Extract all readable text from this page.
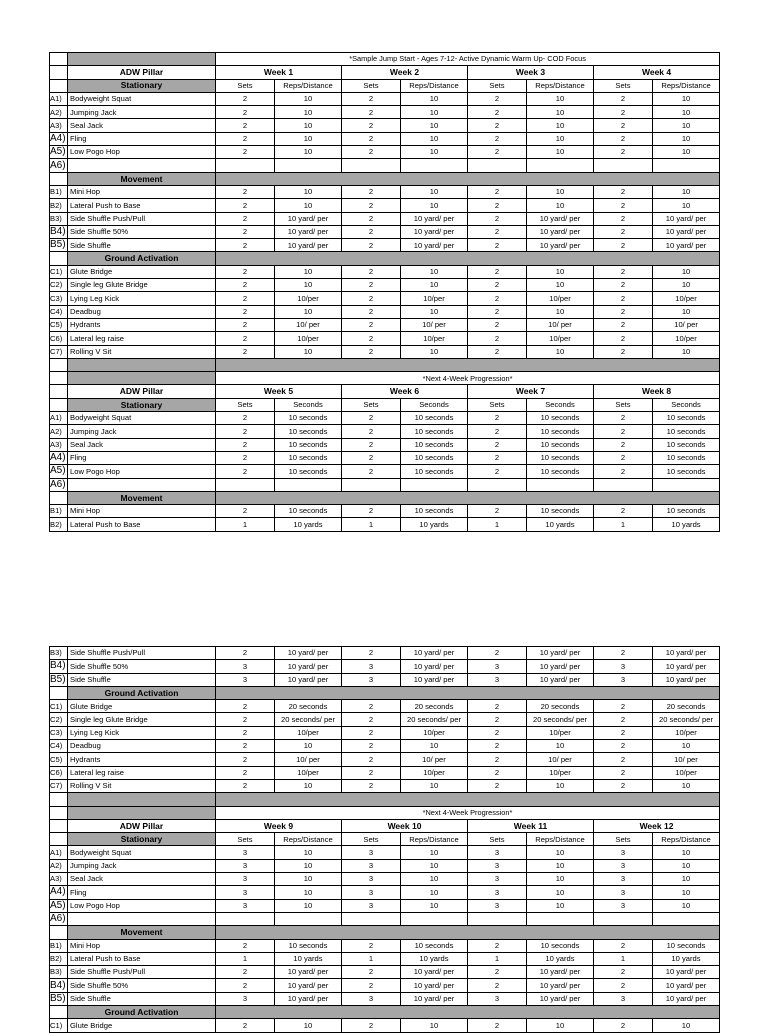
		*Sample Jump Start - Ages 7-12- Active Dynamic Warm Up- COD Focus							
	ADW Pillar	Week 1		Week 2		Week 3		Week 4	
	Stationary	Sets	Reps/Distance	Sets	Reps/Distance	Sets	Reps/Distance	Sets	Reps/Distance
A1)	Bodyweight Squat	2	10	2	10	2	10	2	10
A2)	Jumping Jack	2	10	2	10	2	10	2	10
A3)	Seal Jack	2	10	2	10	2	10	2	10
A4)	Fling	2	10	2	10	2	10	2	10
A5)	Low Pogo Hop	2	10	2	10	2	10	2	10
A6)									
	Movement								
B1)	Mini Hop	2	10	2	10	2	10	2	10
B2)	Lateral Push to Base	2	10	2	10	2	10	2	10
B3)	Side Shuffle Push/Pull	2	10 yard/ per	2	10 yard/ per	2	10 yard/ per	2	10 yard/ per
B4)	Side Shuffle 50%	2	10 yard/ per	2	10 yard/ per	2	10 yard/ per	2	10 yard/ per
B5)	Side Shuffle	2	10 yard/ per	2	10 yard/ per	2	10 yard/ per	2	10 yard/ per
	Ground Activation								
C1)	Glute Bridge	2	10	2	10	2	10	2	10
C2)	Single leg Glute Bridge	2	10	2	10	2	10	2	10
C3)	Lying Leg Kick	2	10/per	2	10/per	2	10/per	2	10/per
C4)	Deadbug	2	10	2	10	2	10	2	10
C5)	Hydrants	2	10/ per	2	10/ per	2	10/ per	2	10/ per
C6)	Lateral leg raise	2	10/per	2	10/per	2	10/per	2	10/per
C7)	Rolling V Sit	2	10	2	10	2	10	2	10

		*Next 4-Week Progression*							
	ADW Pillar	Week 5		Week 6		Week 7		Week 8	
	Stationary	Sets	Seconds	Sets	Seconds	Sets	Seconds	Sets	Seconds
A1)	Bodyweight Squat	2	10 seconds	2	10 seconds	2	10 seconds	2	10 seconds
A2)	Jumping Jack	2	10 seconds	2	10 seconds	2	10 seconds	2	10 seconds
A3)	Seal Jack	2	10 seconds	2	10 seconds	2	10 seconds	2	10 seconds
A4)	Fling	2	10 seconds	2	10 seconds	2	10 seconds	2	10 seconds
A5)	Low Pogo Hop	2	10 seconds	2	10 seconds	2	10 seconds	2	10 seconds
A6)									
	Movement								
B1)	Mini Hop	2	10 seconds	2	10 seconds	2	10 seconds	2	10 seconds
B2)	Lateral Push to Base	1	10 yards	1	10 yards	1	10 yards	1	10 yards
B3)	Side Shuffle Push/Pull	2	10 yard/ per	2	10 yard/ per	2	10 yard/ per	2	10 yard/ per
B4)	Side Shuffle 50%	3	10 yard/ per	3	10 yard/ per	3	10 yard/ per	3	10 yard/ per
B5)	Side Shuffle	3	10 yard/ per	3	10 yard/ per	3	10 yard/ per	3	10 yard/ per
	Ground Activation								
C1)	Glute Bridge	2	20 seconds	2	20 seconds	2	20 seconds	2	20 seconds
C2)	Single leg Glute Bridge	2	20 seconds/ per	2	20 seconds/ per	2	20 seconds/ per	2	20 seconds/ per
C3)	Lying Leg Kick	2	10/per	2	10/per	2	10/per	2	10/per
C4)	Deadbug	2	10	2	10	2	10	2	10
C5)	Hydrants	2	10/ per	2	10/ per	2	10/ per	2	10/ per
C6)	Lateral leg raise	2	10/per	2	10/per	2	10/per	2	10/per
C7)	Rolling V Sit	2	10	2	10	2	10	2	10

		*Next 4-Week Progression*							
	ADW Pillar	Week 9		Week 10		Week 11		Week 12	
	Stationary	Sets	Reps/Distance	Sets	Reps/Distance	Sets	Reps/Distance	Sets	Reps/Distance
A1)	Bodyweight Squat	3	10	3	10	3	10	3	10
A2)	Jumping Jack	3	10	3	10	3	10	3	10
A3)	Seal Jack	3	10	3	10	3	10	3	10
A4)	Fling	3	10	3	10	3	10	3	10
A5)	Low Pogo Hop	3	10	3	10	3	10	3	10
A6)									
	Movement								
B1)	Mini Hop	2	10 seconds	2	10 seconds	2	10 seconds	2	10 seconds
B2)	Lateral Push to Base	1	10 yards	1	10 yards	1	10 yards	1	10 yards
B3)	Side Shuffle Push/Pull	2	10 yard/ per	2	10 yard/ per	2	10 yard/ per	2	10 yard/ per
B4)	Side Shuffle 50%	2	10 yard/ per	2	10 yard/ per	2	10 yard/ per	2	10 yard/ per
B5)	Side Shuffle	3	10 yard/ per	3	10 yard/ per	3	10 yard/ per	3	10 yard/ per
	Ground Activation								
C1)	Glute Bridge	2	10	2	10	2	10	2	10
